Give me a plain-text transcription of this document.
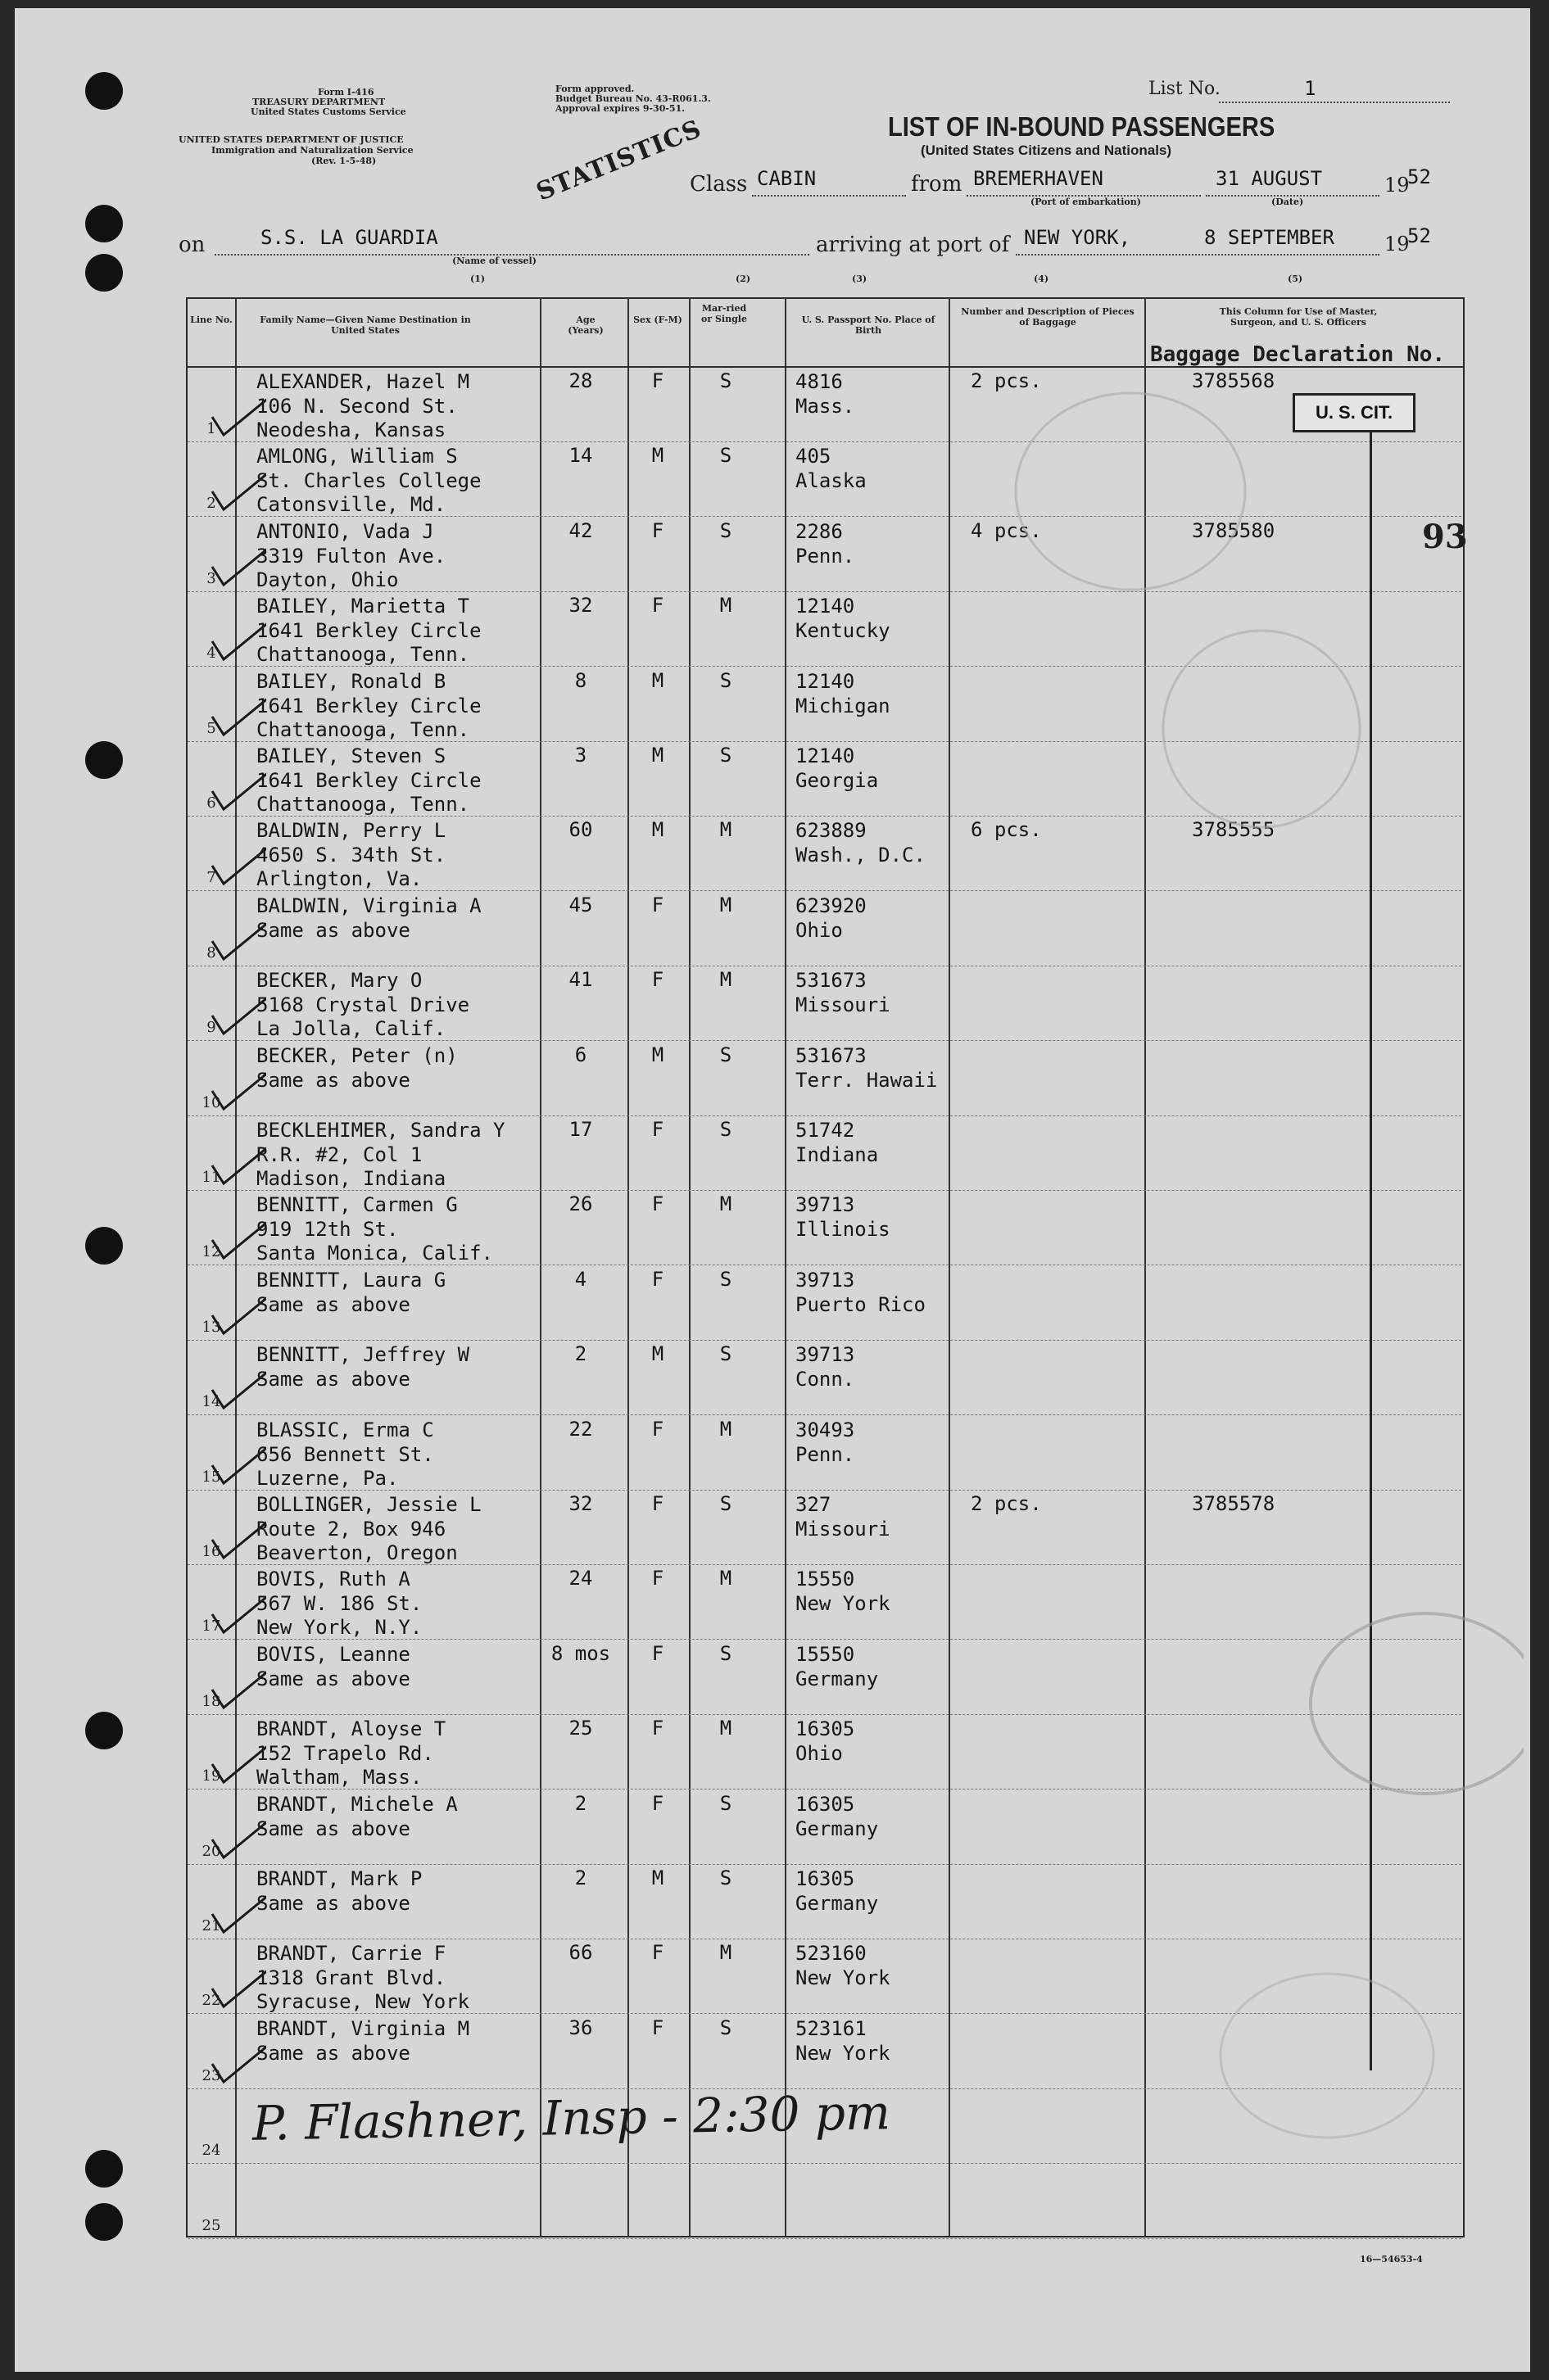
Form I-416
TREASURY DEPARTMENT
United States Customs Service
UNITED STATES DEPARTMENT OF JUSTICE
Immigration and Naturalization Service
(Rev. 1-5-48)
Form approved.
Budget Bureau No. 43-R061.3.
Approval expires 9-30-51.
STATISTICS
List No.	1
LIST OF IN-BOUND PASSENGERS
(United States Citizens and Nationals)
Class CABIN	from BREMERHAVEN
(Port of embarkation)
31 AUGUST
(Date)
19
52
on	S.S. LA GUARDIA
(Name of vessel)
arriving at port of NEW YORK,	8 SEPTEMBER	19
52
(1)	(2)	(3)	(4)	(5)
Line No.	Family Name—Given Name Destination in United States
Age (Years)
Sex (F-M)
Mar-ried or Single	U. S. Passport No. Place of Birth
Number and Description of Pieces of Baggage
This Column for Use of Master, Surgeon, and U. S. Officers
Baggage Declaration No.
1
ALEXANDER, Hazel M	28	F	S	4816	2 pcs.	3785568
106 N. Second St.
Neodesha, Kansas
Mass.
2
AMLONG, William S	14	M	S	405
St. Charles College
Catonsville, Md.
Alaska
3
ANTONIO, Vada J	42	F	S	2286	4 pcs.	3785580
3319 Fulton Ave.
Dayton, Ohio
Penn.
4
BAILEY, Marietta T	32	F	M	12140
1641 Berkley Circle
Chattanooga, Tenn.
Kentucky
5
BAILEY, Ronald B	8	M	S	12140
1641 Berkley Circle
Chattanooga, Tenn.
Michigan
6
BAILEY, Steven S	3	M	S	12140
1641 Berkley Circle
Chattanooga, Tenn.
Georgia
7
BALDWIN, Perry L	60	M	M	623889	6 pcs.	3785555
4650 S. 34th St.
Arlington, Va.
Wash., D.C.
8
BALDWIN, Virginia A	45	F	M	623920
Same as above	Ohio
9
BECKER, Mary O	41	F	M	531673
5168 Crystal Drive
La Jolla, Calif.
Missouri
10
BECKER, Peter (n)	6	M	S	531673
Same as above	Terr. Hawaii
11
BECKLEHIMER, Sandra Y	17	F	S	51742
R.R. #2, Col 1
Madison, Indiana
Indiana
12
BENNITT, Carmen G	26	F	M	39713
919 12th St.
Santa Monica, Calif.
Illinois
13
BENNITT, Laura G	4	F	S	39713
Same as above	Puerto Rico
14
BENNITT, Jeffrey W	2	M	S	39713
Same as above	Conn.
15
BLASSIC, Erma C	22	F	M	30493
656 Bennett St.
Luzerne, Pa.
Penn.
16
BOLLINGER, Jessie L	32	F	S	327	2 pcs.	3785578
Route 2, Box 946
Beaverton, Oregon
Missouri
17
BOVIS, Ruth A	24	F	M	15550
567 W. 186 St.
New York, N.Y.
New York
18
BOVIS, Leanne	8 mos	F	S	15550
Same as above	Germany
19
BRANDT, Aloyse T	25	F	M	16305
152 Trapelo Rd.
Waltham, Mass.
Ohio
20
BRANDT, Michele A	2	F	S	16305
Same as above	Germany
21
BRANDT, Mark P	2	M	S	16305
Same as above	Germany
22
BRANDT, Carrie F	66	F	M	523160
1318 Grant Blvd.
Syracuse, New York
New York
23
BRANDT, Virginia M	36	F	S	523161
Same as above	New York
24
25
U. S. CIT.
93
P. Flashner, Insp - 2:30 pm
16—54653-4
